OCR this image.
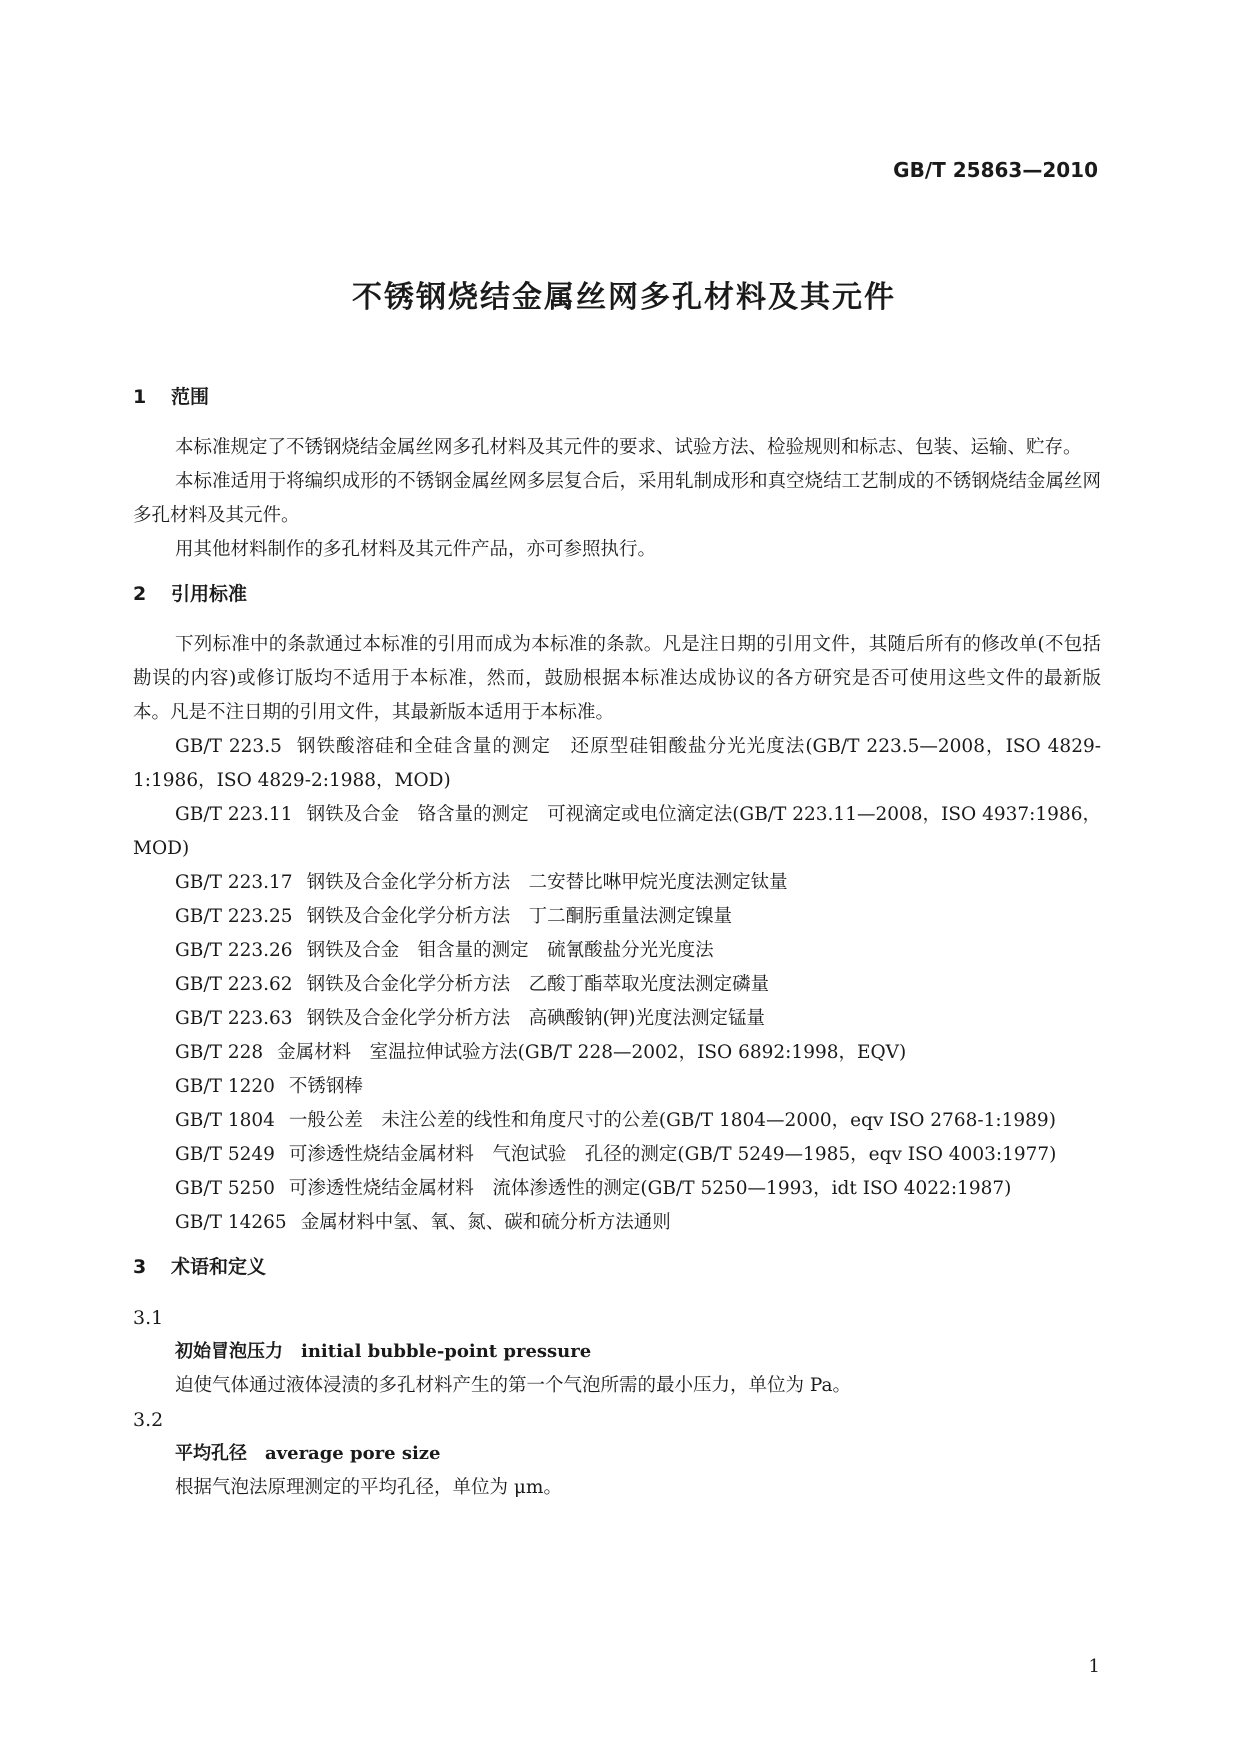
GB/T 25863—2010
不锈钢烧结金属丝网多孔材料及其元件

1 范围

本标准规定了不锈钢烧结金属丝网多孔材料及其元件的要求、试验方法、检验规则和标志、包装、运输、贮存。

本标准适用于将编织成形的不锈钢金属丝网多层复合后，采用轧制成形和真空烧结工艺制成的不锈钢烧结金属丝网多孔材料及其元件。

用其他材料制作的多孔材料及其元件产品，亦可参照执行。

2 引用标准

下列标准中的条款通过本标准的引用而成为本标准的条款。凡是注日期的引用文件，其随后所有的修改单(不包括勘误的内容)或修订版均不适用于本标准，然而，鼓励根据本标准达成协议的各方研究是否可使用这些文件的最新版本。凡是不注日期的引用文件，其最新版本适用于本标准。

GB/T 223.5 钢铁酸溶硅和全硅含量的测定　还原型硅钼酸盐分光光度法(GB/T 223.5—2008，ISO 4829-1:1986，ISO 4829-2:1988，MOD)

GB/T 223.11 钢铁及合金　铬含量的测定　可视滴定或电位滴定法(GB/T 223.11—2008，ISO 4937:1986，MOD)

GB/T 223.17 钢铁及合金化学分析方法　二安替比啉甲烷光度法测定钛量

GB/T 223.25 钢铁及合金化学分析方法　丁二酮肟重量法测定镍量

GB/T 223.26 钢铁及合金　钼含量的测定　硫氰酸盐分光光度法

GB/T 223.62 钢铁及合金化学分析方法　乙酸丁酯萃取光度法测定磷量

GB/T 223.63 钢铁及合金化学分析方法　高碘酸钠(钾)光度法测定锰量

GB/T 228 金属材料　室温拉伸试验方法(GB/T 228—2002，ISO 6892:1998，EQV)

GB/T 1220 不锈钢棒

GB/T 1804 一般公差　未注公差的线性和角度尺寸的公差(GB/T 1804—2000，eqv ISO 2768-1:1989)

GB/T 5249 可渗透性烧结金属材料　气泡试验　孔径的测定(GB/T 5249—1985，eqv ISO 4003:1977)

GB/T 5250 可渗透性烧结金属材料　流体渗透性的测定(GB/T 5250—1993，idt ISO 4022:1987)

GB/T 14265 金属材料中氢、氧、氮、碳和硫分析方法通则

3 术语和定义

3.1

初始冒泡压力 initial bubble-point pressure

迫使气体通过液体浸渍的多孔材料产生的第一个气泡所需的最小压力，单位为 Pa。

3.2

平均孔径 average pore size

根据气泡法原理测定的平均孔径，单位为 μm。

1
